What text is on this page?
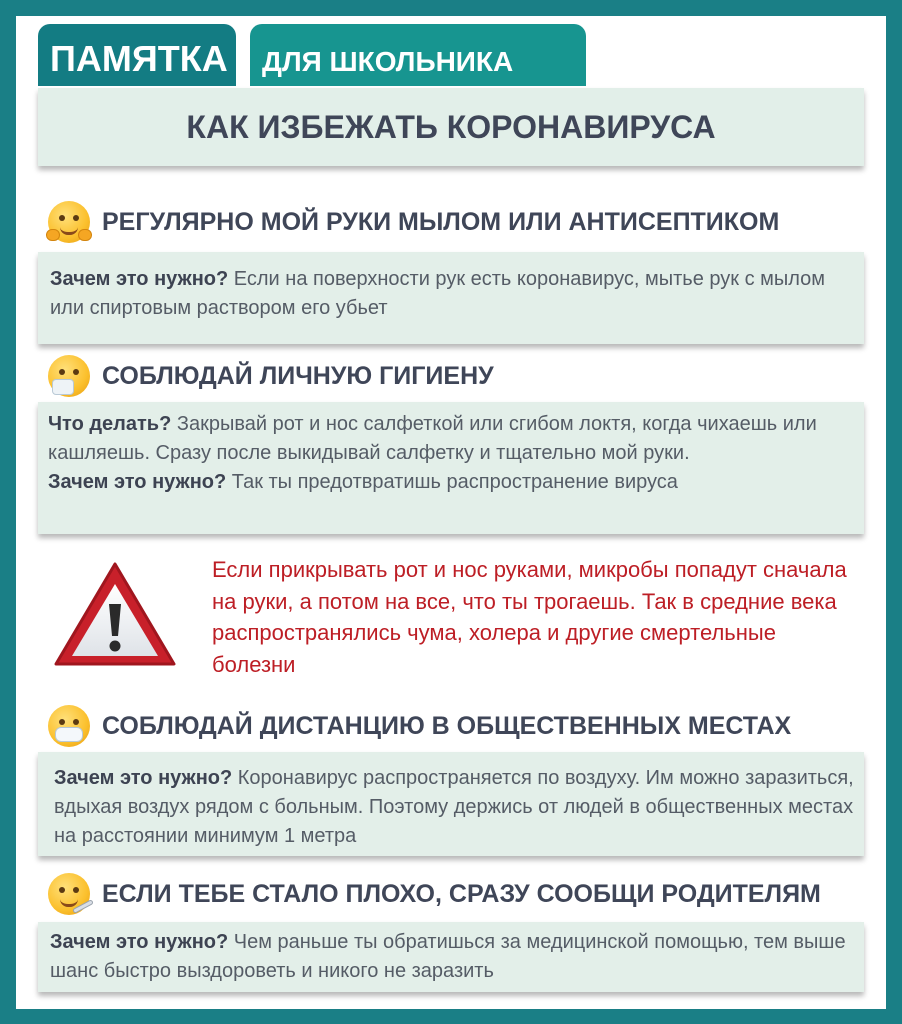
ПАМЯТКА	ДЛЯ ШКОЛЬНИКА
КАК ИЗБЕЖАТЬ КОРОНАВИРУСА
РЕГУЛЯРНО МОЙ РУКИ МЫЛОМ ИЛИ АНТИСЕПТИКОМ

Зачем это нужно? Если на поверхности рук есть коронавирус, мытье рук с мылом или спиртовым раствором его убьет

СОБЛЮДАЙ ЛИЧНУЮ ГИГИЕНУ

Что делать? Закрывай рот и нос салфеткой или сгибом локтя, когда чихаешь или кашляешь. Сразу после выкидывай салфетку и тщательно мой руки.

Зачем это нужно? Так ты предотвратишь распространение вируса

Если прикрывать рот и нос руками, микробы попадут сначала на руки, а потом на все, что ты трогаешь. Так в средние века распространялись чума, холера и другие смертельные болезни
СОБЛЮДАЙ ДИСТАНЦИЮ В ОБЩЕСТВЕННЫХ МЕСТАХ

Зачем это нужно? Коронавирус распространяется по воздуху. Им можно заразиться, вдыхая воздух рядом с больным. Поэтому держись от людей в общественных местах на расстоянии минимум 1 метра

ЕСЛИ ТЕБЕ СТАЛО ПЛОХО, СРАЗУ СООБЩИ РОДИТЕЛЯМ

Зачем это нужно? Чем раньше ты обратишься за медицинской помощью, тем выше шанс быстро выздороветь и никого не заразить
